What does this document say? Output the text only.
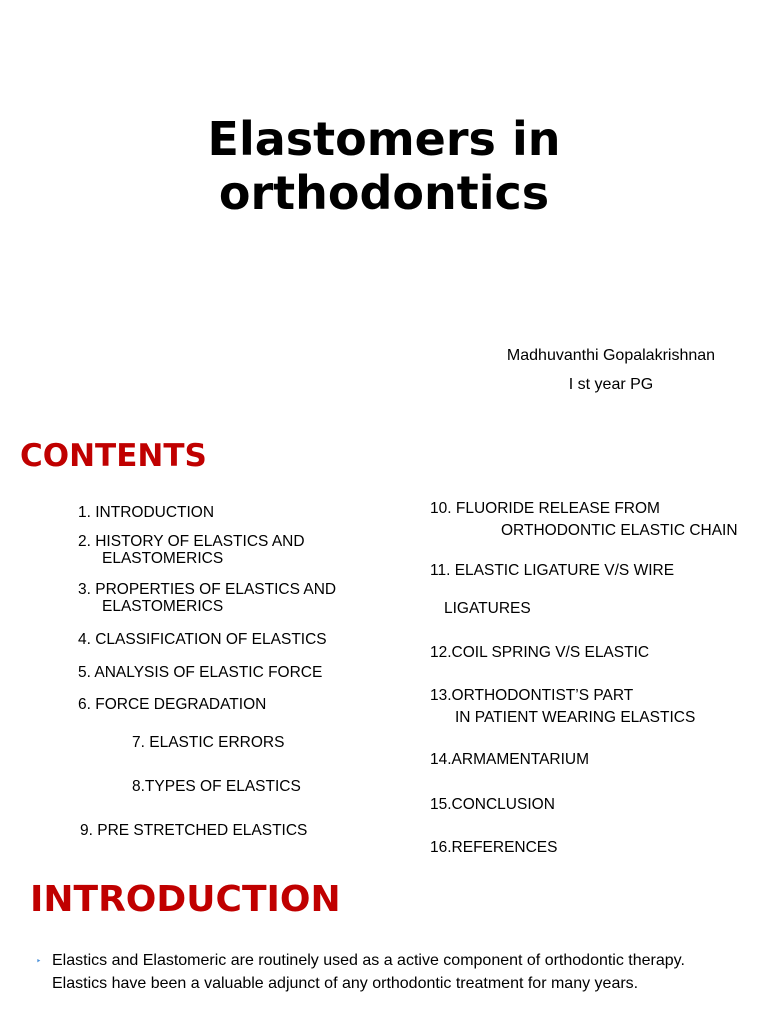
Elastomers in
orthodontics
Madhuvanthi Gopalakrishnan
I st year PG
CONTENTS
1. INTRODUCTION
2. HISTORY OF ELASTICS AND
ELASTOMERICS
3. PROPERTIES OF ELASTICS AND
ELASTOMERICS
4. CLASSIFICATION OF ELASTICS
5. ANALYSIS OF ELASTIC FORCE
6. FORCE DEGRADATION
7. ELASTIC ERRORS
8.TYPES OF ELASTICS
9. PRE STRETCHED ELASTICS
10. FLUORIDE RELEASE FROM
ORTHODONTIC ELASTIC CHAIN
11. ELASTIC LIGATURE V/S WIRE
LIGATURES
12.COIL SPRING V/S ELASTIC
13.ORTHODONTIST’S PART
IN PATIENT WEARING ELASTICS
14.ARMAMENTARIUM
15.CONCLUSION
16.REFERENCES
INTRODUCTION
‣ Elastics and Elastomeric are routinely used as a active component of orthodontic therapy.
Elastics have been a valuable adjunct of any orthodontic treatment for many years.
